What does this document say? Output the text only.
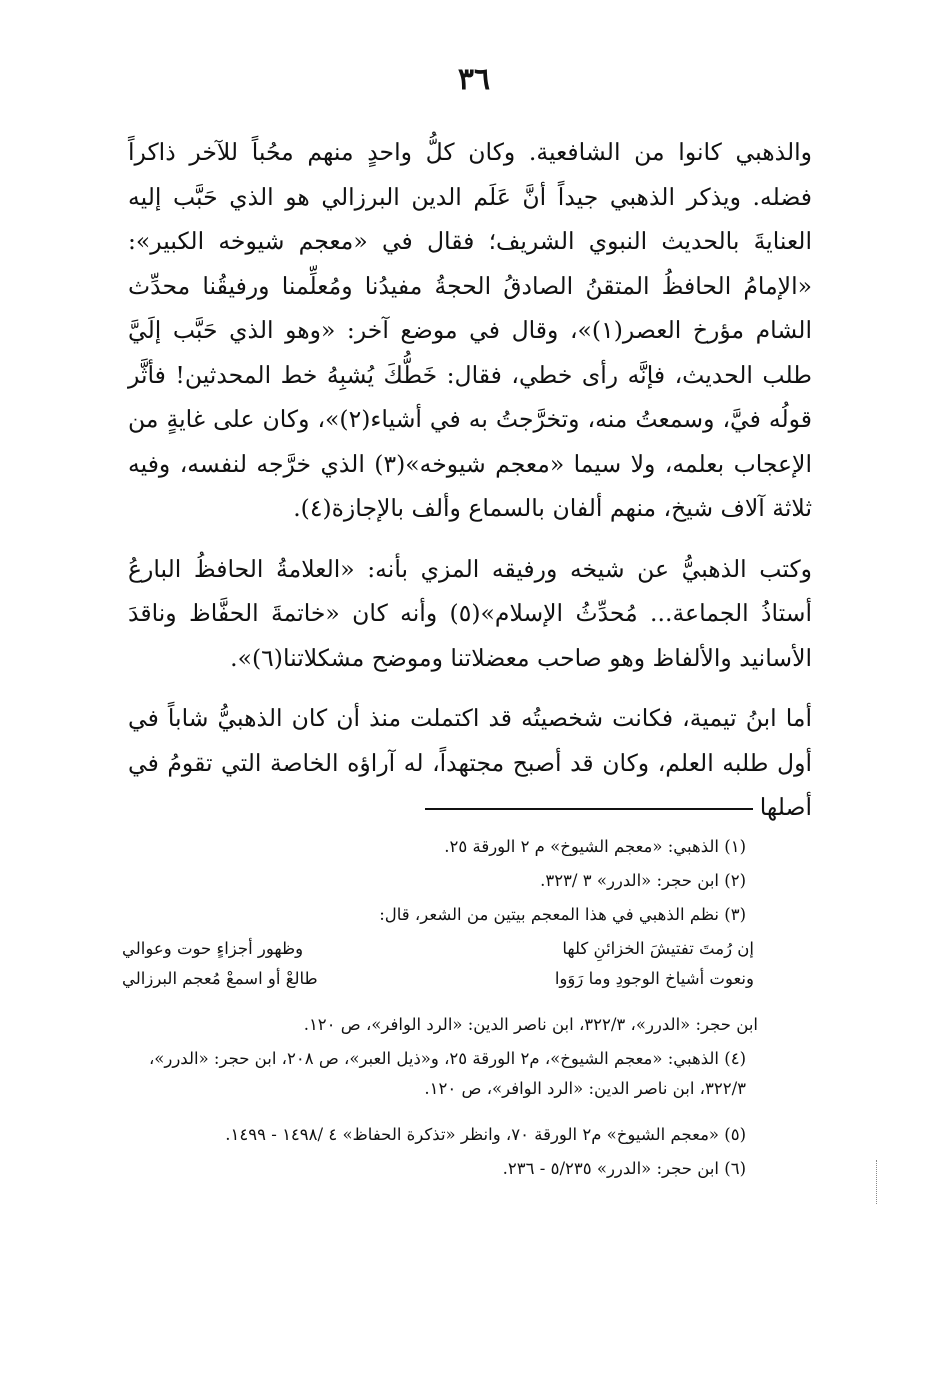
٣٦

والذهبي كانوا من الشافعية. وكان كلُّ واحدٍ منهم محُباً للآخر ذاكراً فضله. ويذكر الذهبي جيداً أنَّ عَلَم الدين البرزالي هو الذي حَبَّب إليه العنايةَ بالحديث النبوي الشريف؛ فقال في «معجم شيوخه الكبير»: «الإمامُ الحافظُ المتقنُ الصادقُ الحجةُ مفيدُنا ومُعلِّمنا ورفيقُنا محدِّث الشام مؤرخ العصر(١)»، وقال في موضع آخر: «وهو الذي حَبَّب إلَيَّ طلب الحديث، فإنَّه رأى خطي، فقال: خَطُّكَ يُشبِهُ خط المحدثين! فأثَّر قولُه فيَّ، وسمعتُ منه، وتخرَّجتُ به في أشياء(٢)»، وكان على غايةٍ من الإعجاب بعلمه، ولا سيما «معجم شيوخه»(٣) الذي خرَّجه لنفسه، وفيه ثلاثة آلاف شيخ، منهم ألفان بالسماع وألف بالإجازة(٤).

وكتب الذهبيُّ عن شيخه ورفيقه المزي بأنه: «العلامةُ الحافظُ البارعُ أستاذُ الجماعة... مُحدِّثُ الإسلام»(٥) وأنه كان «خاتمةَ الحفَّاظ وناقدَ الأسانيد والألفاظ وهو صاحب معضلاتنا وموضح مشكلاتنا(٦)».

أما ابنُ تيمية، فكانت شخصيتُه قد اكتملت منذ أن كان الذهبيُّ شاباً في أول طلبه العلم، وكان قد أصبح مجتهداً، له آراؤه الخاصة التي تقومُ في أصلها

(١) الذهبي: «معجم الشيوخ» م ٢ الورقة ٢٥.
(٢) ابن حجر: «الدرر» ٣ /٣٢٣.
(٣) نظم الذهبي في هذا المعجم بيتين من الشعر، قال:
إن رُمتَ تفتيشَ الخزائنِ كلها
وظهور أجزاءٍ حوت وعوالي
ونعوت أشياخ الوجودِ وما رَوَوا
طالعْ أو اسمعْ مُعجم البرزالي
ابن حجر: «الدرر»، ٣٢٢/٣، ابن ناصر الدين: «الرد الوافر»، ص ١٢٠.
(٤) الذهبي: «معجم الشيوخ»، م٢ الورقة ٢٥، و«ذيل العبر»، ص ٢٠٨، ابن حجر: «الدرر»، ٣٢٢/٣، ابن ناصر الدين: «الرد الوافر»، ص ١٢٠.
(٥) «معجم الشيوخ» م٢ الورقة ٧٠، وانظر «تذكرة الحفاظ» ٤ /١٤٩٨ - ١٤٩٩.
(٦) ابن حجر: «الدرر» ٥/٢٣٥ - ٢٣٦.
